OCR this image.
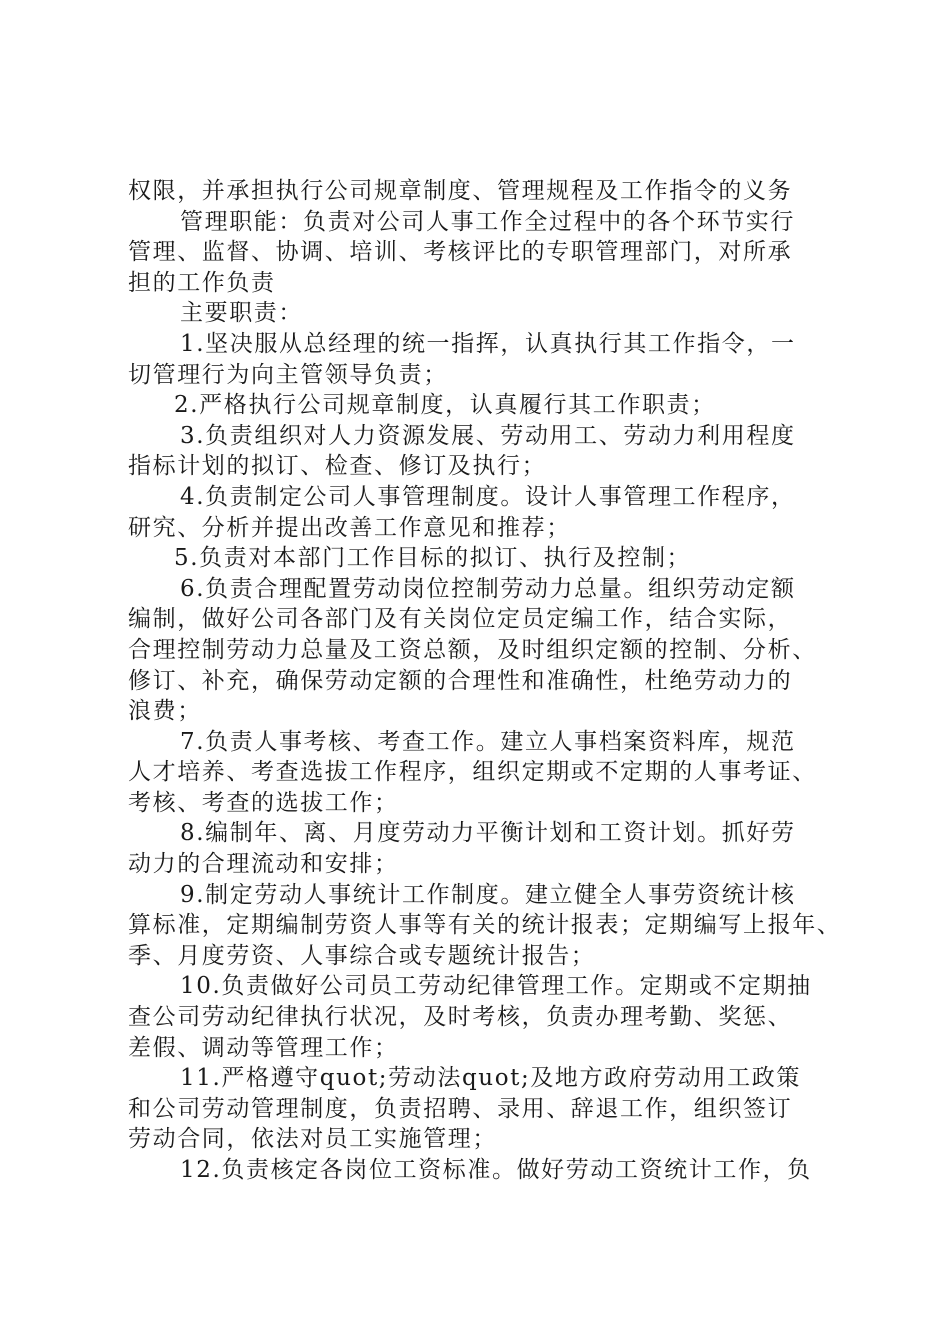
权限，并承担执行公司规章制度、管理规程及工作指令的义务
管理职能：负责对公司人事工作全过程中的各个环节实行
管理、监督、协调、培训、考核评比的专职管理部门，对所承
担的工作负责
主要职责：
1.坚决服从总经理的统一指挥，认真执行其工作指令，一
切管理行为向主管领导负责；
2.严格执行公司规章制度，认真履行其工作职责；
3.负责组织对人力资源发展、劳动用工、劳动力利用程度
指标计划的拟订、检查、修订及执行；
4.负责制定公司人事管理制度。设计人事管理工作程序，
研究、分析并提出改善工作意见和推荐；
5.负责对本部门工作目标的拟订、执行及控制；
6.负责合理配置劳动岗位控制劳动力总量。组织劳动定额
编制，做好公司各部门及有关岗位定员定编工作，结合实际，
合理控制劳动力总量及工资总额，及时组织定额的控制、分析、
修订、补充，确保劳动定额的合理性和准确性，杜绝劳动力的
浪费；
7.负责人事考核、考查工作。建立人事档案资料库，规范
人才培养、考查选拔工作程序，组织定期或不定期的人事考证、
考核、考查的选拔工作；
8.编制年、离、月度劳动力平衡计划和工资计划。抓好劳
动力的合理流动和安排；
9.制定劳动人事统计工作制度。建立健全人事劳资统计核
算标准，定期编制劳资人事等有关的统计报表；定期编写上报年、
季、月度劳资、人事综合或专题统计报告；
10.负责做好公司员工劳动纪律管理工作。定期或不定期抽
查公司劳动纪律执行状况，及时考核，负责办理考勤、奖惩、
差假、调动等管理工作；
11.严格遵守quot;劳动法quot;及地方政府劳动用工政策
和公司劳动管理制度，负责招聘、录用、辞退工作，组织签订
劳动合同，依法对员工实施管理；
12.负责核定各岗位工资标准。做好劳动工资统计工作，负
